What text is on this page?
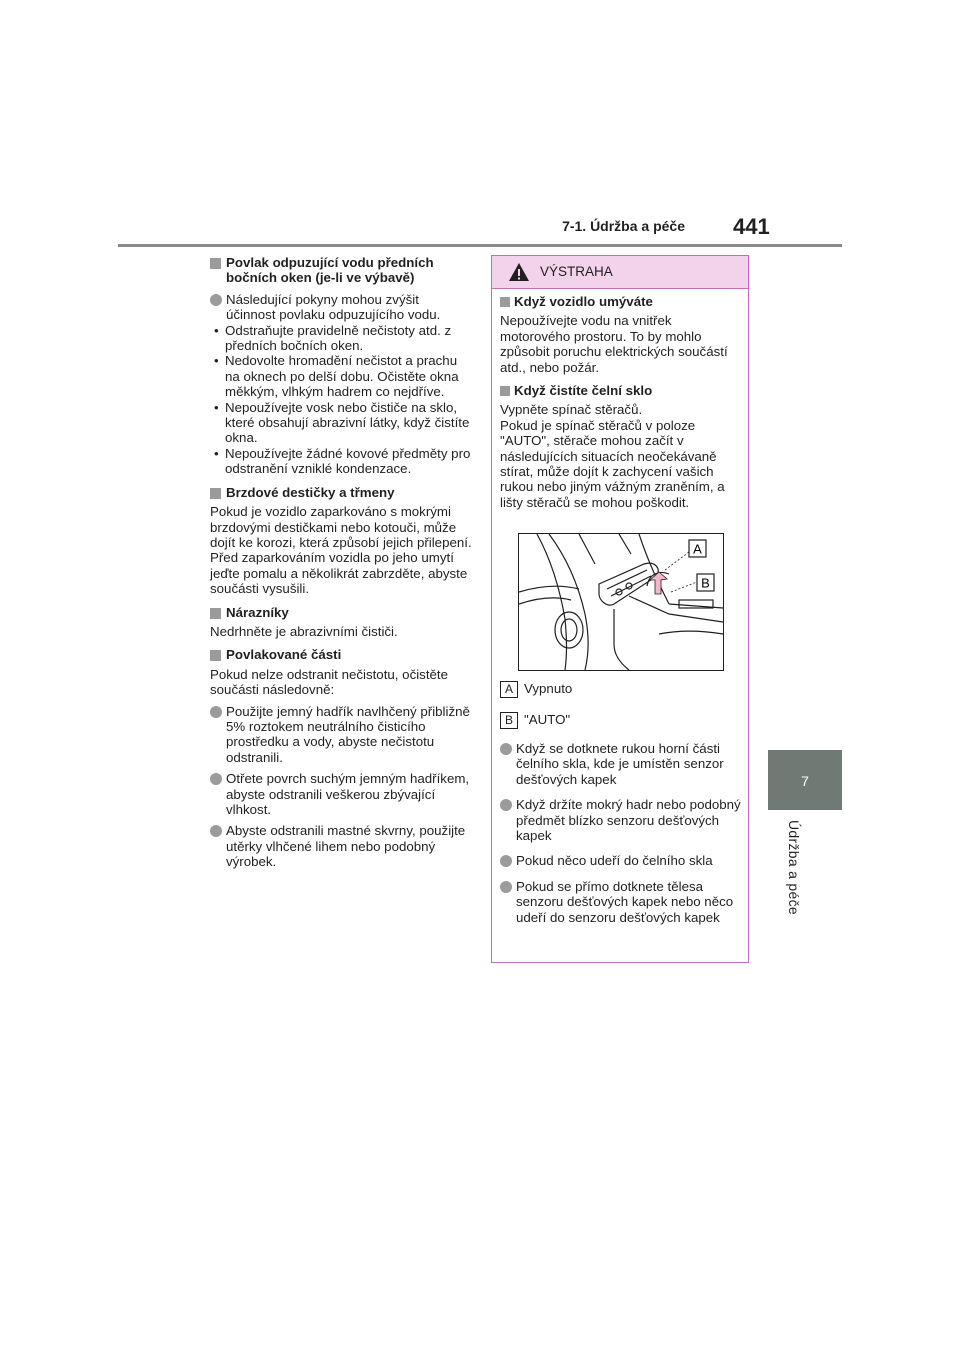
7-1. Údržba a péče 441
7
Údržba a péče

Povlak odpuzující vodu předních bočních oken (je-li ve výbavě)

Následující pokyny mohou zvýšit účinnost povlaku odpuzujícího vodu.

• Odstraňujte pravidelně nečistoty atd. z předních bočních oken.

• Nedovolte hromadění nečistot a prachu na oknech po delší dobu. Očistěte okna měkkým, vlhkým hadrem co nejdříve.

• Nepoužívejte vosk nebo čističe na sklo, které obsahují abrazivní látky, když čistíte okna.

• Nepoužívejte žádné kovové předměty pro odstranění vzniklé kondenzace.

Brzdové destičky a třmeny

Pokud je vozidlo zaparkováno s mokrými brzdovými destičkami nebo kotouči, může dojít ke korozi, která způsobí jejich přilepení. Před zaparkováním vozidla po jeho umytí jeďte pomalu a několikrát zabrzděte, abyste součásti vysušili.

Nárazníky

Nedrhněte je abrazivními čističi.

Povlakované části

Pokud nelze odstranit nečistotu, očistěte součásti následovně:

Použijte jemný hadřík navlhčený přibližně 5% roztokem neutrálního čisticího prostředku a vody, abyste nečistotu odstranili.

Otřete povrch suchým jemným hadříkem, abyste odstranili veškerou zbývající vlhkost.

Abyste odstranili mastné skvrny, použijte utěrky vlhčené lihem nebo podobný výrobek.

VÝSTRAHA

Když vozidlo umýváte

Nepoužívejte vodu na vnitřek motorového prostoru. To by mohlo způsobit poruchu elektrických součástí atd., nebo požár.

Když čistíte čelní sklo

Vypněte spínač stěračů.
Pokud je spínač stěračů v poloze "AUTO", stěrače mohou začít v následujících situacích neočekávaně stírat, může dojít k zachycení vašich rukou nebo jiným vážným zraněním, a lišty stěračů se mohou poškodit.

A
B

A Vypnuto

B "AUTO"

Když se dotknete rukou horní části čelního skla, kde je umístěn senzor dešťových kapek

Když držíte mokrý hadr nebo podobný předmět blízko senzoru dešťových kapek

Pokud něco udeří do čelního skla

Pokud se přímo dotknete tělesa senzoru dešťových kapek nebo něco udeří do senzoru dešťových kapek
